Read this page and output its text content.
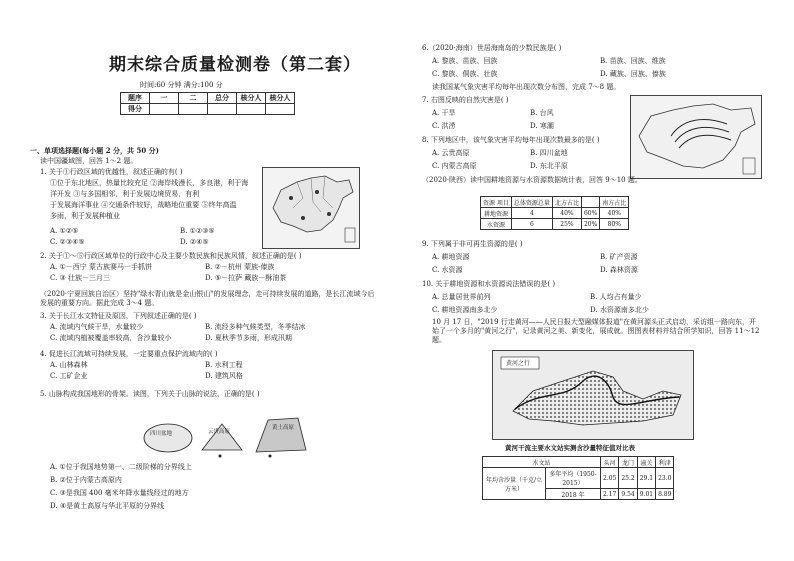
期末综合质量检测卷（第二套）
时间:60 分钟 满分:100 分
题序	一	二	总分	核分人	核分人
得分					
一、单项选择题(每小题 2 分，共 50 分)
读中国疆域图，回答 1～2 题。
1. 关于①行政区域的优越性，叙述正确的有( )
①位于东北地区，热量比较充足 ②海岸线漫长，多良港，利于海
洋开发 ③与多国相邻，利于发展边境贸易，有利
于发展海洋事业 ④交通条件较好，战略地位重要 ⑤终年高温
多雨，利于发展种植业
A. ①②⑤	B. ①②③⑤
C. ②③④⑤	D. ②④⑤
2. 关于①～⑤行政区域单位的行政中心及主要少数民族和民族风情，叙述正确的是( )
A. ①－西宁 蒙古族赛马一手抓饼	B. ②－杭州 蒙族-傣族
C. ③ 壮族－三月三	D. ⑤－拉萨 藏族－酥油茶
（2020·宁夏回族自治区）坚持"绿水青山就是金山银山"的发展理念，走可持续发展的道路，是长江流域今后发展的重要方向。据此完成 3～4 题。
3. 关于长江水文特征及原因，下列叙述正确的是( )
A. 流域内气候干旱，水量较少	B. 流经多种气候类型，冬季结冰
C. 流域内植被覆盖率较高，含沙量较小	D. 夏秋季节多雨，形成汛期
4. 促进长江流域可持续发展，一定要重点保护流域内的( )
A. 山林森林	B. 水利工程
C. 工矿企业	D. 建筑风格
5. 山脉构成我国地形的骨架。读图，下列关于山脉的说法，正确的是( )
四川盆地	云贵高原
黄土高原
A. ①位于我国地势第一、二级阶梯的分界线上
B. ②位于内蒙古高原内
C. ③是我国 400 毫米年降水量线经过的地方
D. ④是黄土高原与华北平原的分界线
6.（2020·海南）世居海南岛的少数民族是( )
A. 黎族、苗族、回族	B. 苗族、回族、维族
C. 黎族、侗族、壮族	D. 藏族、回族、傣族
读我国某气象灾害平均每年出现次数分布图，完成 7～8 题。
7. 右图反映的自然灾害是( )
A. 干旱	B. 台风
C. 洪涝	D. 寒潮
8. 下列地区中，该气象灾害平均每年出现次数最多的是( )
A. 云贵高原	B. 四川盆地
C. 内蒙古高原	D. 东北平原
（2020·陕西）读中国耕地资源与水资源数据统计表，回答 9～10 题。
资源 项目	总体资源总量	北方占比		南方占比
耕地资源	4	40%	60%	40%
水资源	6	25%	20%	80%
9. 下列属于非可再生资源的是( )
A. 耕地资源	B. 矿产资源
C. 水资源	D. 森林资源
10. 关于耕地资源和水资源说法错误的是( )
A. 总量居世界前列	B. 人均占有量少
C. 耕地资源南多北少	D. 水资源南多北少
10 月 17 日，"2019 行走黄河——人民日报大型融媒体报道"在黄河源头正式启动，采访组一路向东，开始了一个多月的"黄河之行"，记录黄河之美、新变化，展成就。图图表材料并结合所学知识，回答 11～12 题。
黄河之行
黄河干流主要水文站实测含沙量特征值对比表
水文站		头河	龙门	潼关	利津
年均含沙量（千克/立方米）	多年平均（1950-2015）	2.05	25.2	29.1	23.0
	2018 年	2.17	9.54	9.01	8.89
